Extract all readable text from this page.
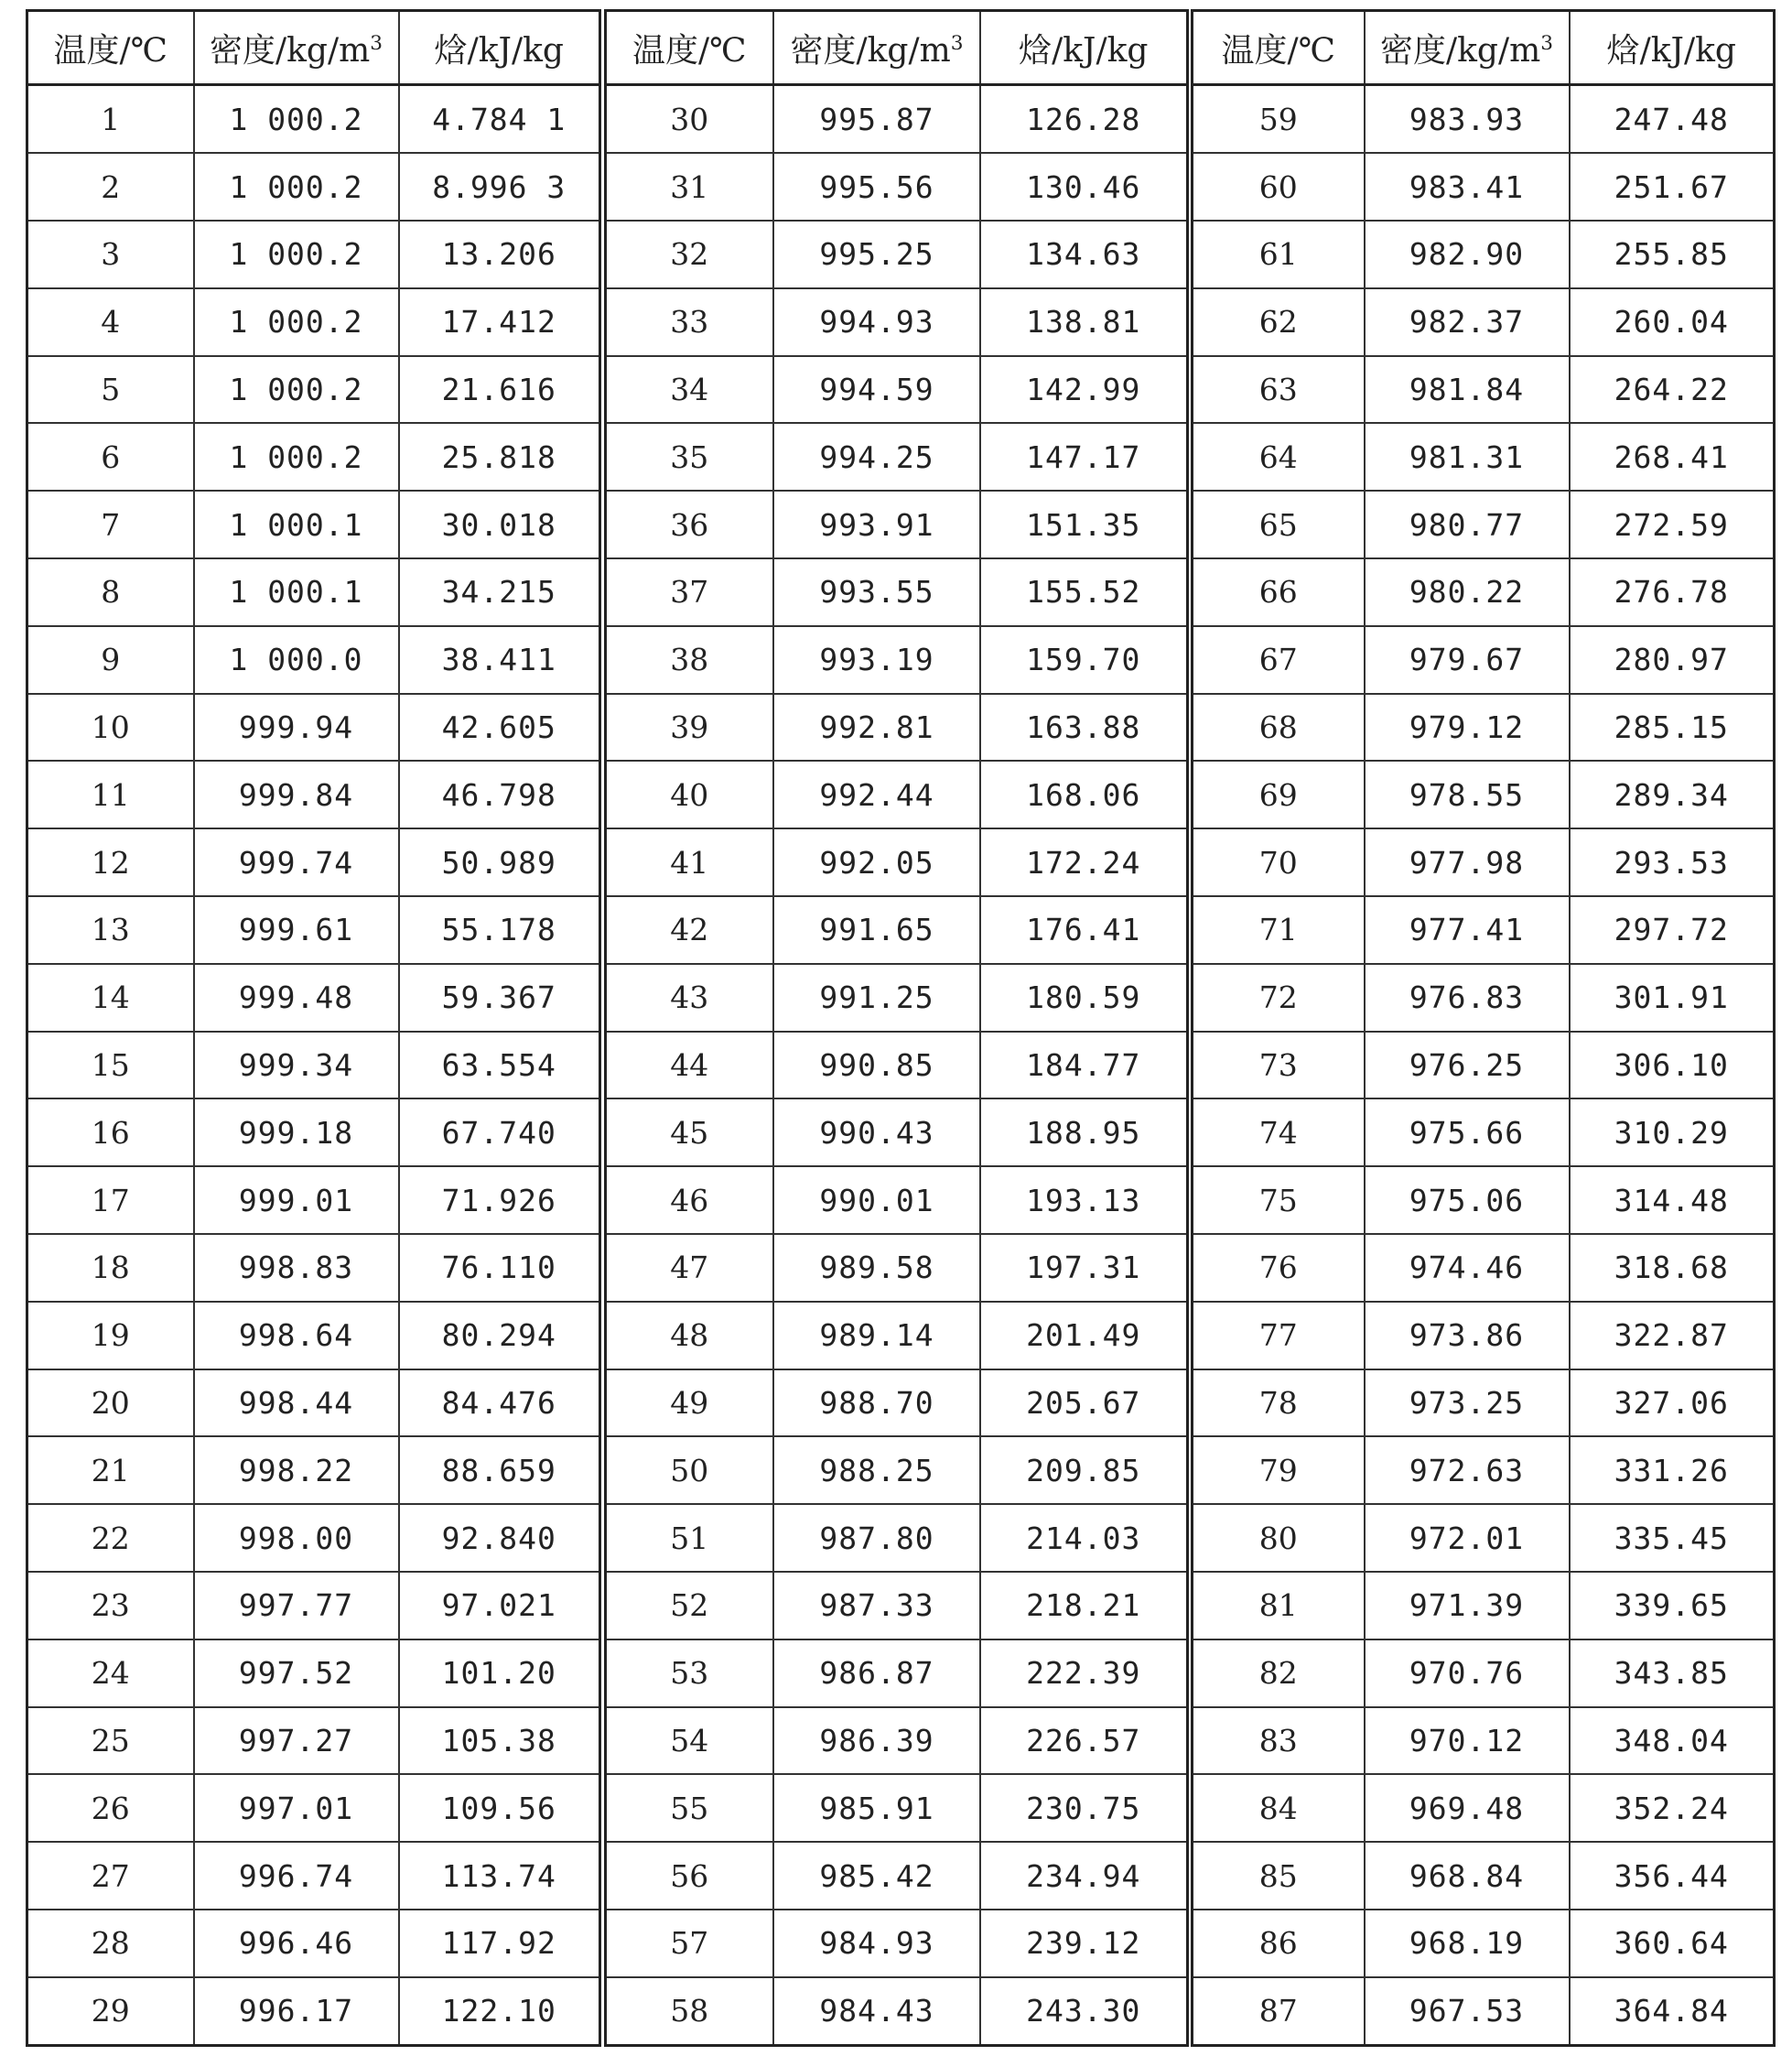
温度/℃	密度$/kg/m^3$	焓/kJ/kg
1	1 000.2	4.784 1
2	1 000.2	8.996 3
3	1 000.2	13.206
4	1 000.2	17.412
5	1 000.2	21.616
6	1 000.2	25.818
7	1 000.1	30.018
8	1 000.1	34.215
9	1 000.0	38.411
10	999.94	42.605
11	999.84	46.798
12	999.74	50.989
13	999.61	55.178
14	999.48	59.367
15	999.34	63.554
16	999.18	67.740
17	999.01	71.926
18	998.83	76.110
19	998.64	80.294
20	998.44	84.476
21	998.22	88.659
22	998.00	92.840
23	997.77	97.021
24	997.52	101.20
25	997.27	105.38
26	997.01	109.56
27	996.74	113.74
28	996.46	117.92
29	996.17	122.10
温度/℃	密度$/kg/m^3$	焓/kJ/kg
30	995.87	126.28
31	995.56	130.46
32	995.25	134.63
33	994.93	138.81
34	994.59	142.99
35	994.25	147.17
36	993.91	151.35
37	993.55	155.52
38	993.19	159.70
39	992.81	163.88
40	992.44	168.06
41	992.05	172.24
42	991.65	176.41
43	991.25	180.59
44	990.85	184.77
45	990.43	188.95
46	990.01	193.13
47	989.58	197.31
48	989.14	201.49
49	988.70	205.67
50	988.25	209.85
51	987.80	214.03
52	987.33	218.21
53	986.87	222.39
54	986.39	226.57
55	985.91	230.75
56	985.42	234.94
57	984.93	239.12
58	984.43	243.30
温度/℃	密度$/kg/m^3$	焓/kJ/kg
59	983.93	247.48
60	983.41	251.67
61	982.90	255.85
62	982.37	260.04
63	981.84	264.22
64	981.31	268.41
65	980.77	272.59
66	980.22	276.78
67	979.67	280.97
68	979.12	285.15
69	978.55	289.34
70	977.98	293.53
71	977.41	297.72
72	976.83	301.91
73	976.25	306.10
74	975.66	310.29
75	975.06	314.48
76	974.46	318.68
77	973.86	322.87
78	973.25	327.06
79	972.63	331.26
80	972.01	335.45
81	971.39	339.65
82	970.76	343.85
83	970.12	348.04
84	969.48	352.24
85	968.84	356.44
86	968.19	360.64
87	967.53	364.84
